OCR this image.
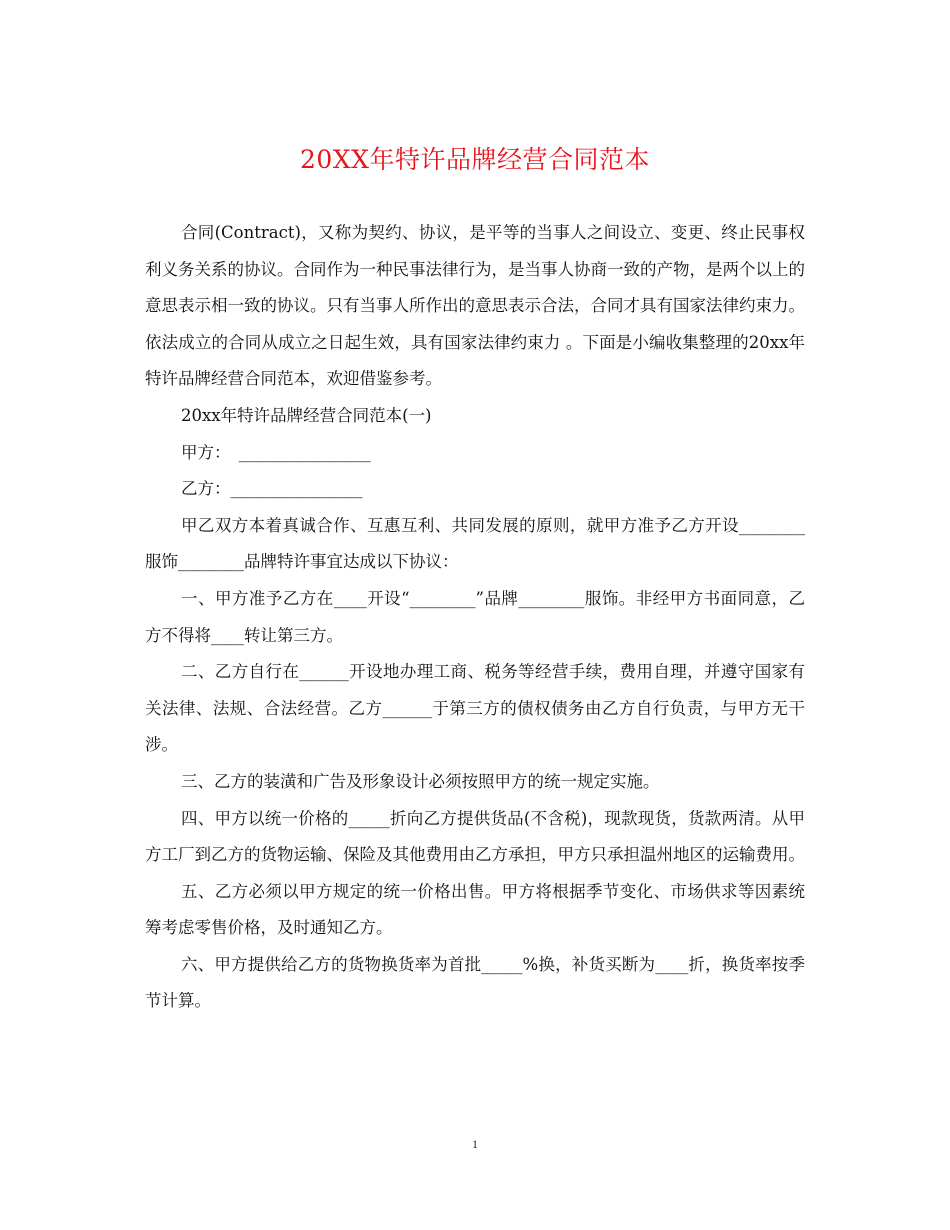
20XX年特许品牌经营合同范本

合同(Contract)，又称为契约、协议，是平等的当事人之间设立、变更、终止民事权利义务关系的协议。合同作为一种民事法律行为，是当事人协商一致的产物，是两个以上的意思表示相一致的协议。只有当事人所作出的意思表示合法，合同才具有国家法律约束力。依法成立的合同从成立之日起生效，具有国家法律约束力 。下面是小编收集整理的20xx年特许品牌经营合同范本，欢迎借鉴参考。

20xx年特许品牌经营合同范本(一)

甲方：　________________

乙方：________________

甲乙双方本着真诚合作、互惠互利、共同发展的原则，就甲方准予乙方开设________服饰________品牌特许事宜达成以下协议：

一、甲方准予乙方在____开设“________”品牌________服饰。非经甲方书面同意，乙方不得将____转让第三方。

二、乙方自行在______开设地办理工商、税务等经营手续，费用自理，并遵守国家有关法律、法规、合法经营。乙方______于第三方的债权债务由乙方自行负责，与甲方无干涉。

三、乙方的装潢和广告及形象设计必须按照甲方的统一规定实施。

四、甲方以统一价格的_____折向乙方提供货品(不含税)，现款现货，货款两清。从甲方工厂到乙方的货物运输、保险及其他费用由乙方承担，甲方只承担温州地区的运输费用。

五、乙方必须以甲方规定的统一价格出售。甲方将根据季节变化、市场供求等因素统筹考虑零售价格，及时通知乙方。

六、甲方提供给乙方的货物换货率为首批_____%换，补货买断为____折，换货率按季节计算。

1
